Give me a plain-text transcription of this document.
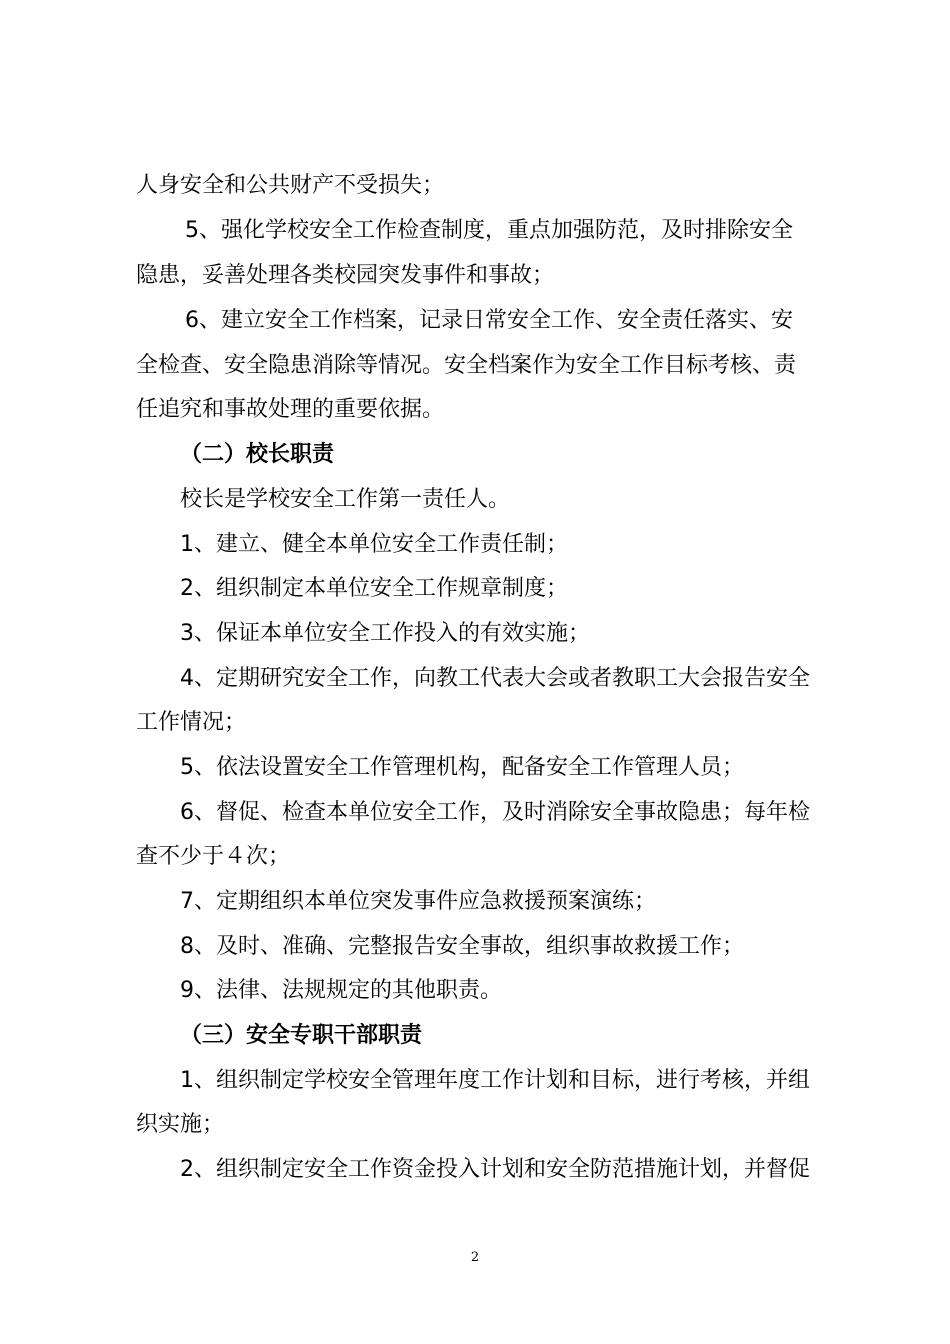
人身安全和公共财产不受损失；
5、强化学校安全工作检查制度，重点加强防范，及时排除安全
隐患，妥善处理各类校园突发事件和事故；
6、建立安全工作档案，记录日常安全工作、安全责任落实、安
全检查、安全隐患消除等情况。安全档案作为安全工作目标考核、责
任追究和事故处理的重要依据。
（二）校长职责
校长是学校安全工作第一责任人。
1、建立、健全本单位安全工作责任制；
2、组织制定本单位安全工作规章制度；
3、保证本单位安全工作投入的有效实施；
4、定期研究安全工作，向教工代表大会或者教职工大会报告安全
工作情况；
5、依法设置安全工作管理机构，配备安全工作管理人员；
6、督促、检查本单位安全工作，及时消除安全事故隐患；每年检
查不少于４次；
7、定期组织本单位突发事件应急救援预案演练；
8、及时、准确、完整报告安全事故，组织事故救援工作；
9、法律、法规规定的其他职责。
（三）安全专职干部职责
1、组织制定学校安全管理年度工作计划和目标，进行考核，并组
织实施；
2、组织制定安全工作资金投入计划和安全防范措施计划，并督促
2
